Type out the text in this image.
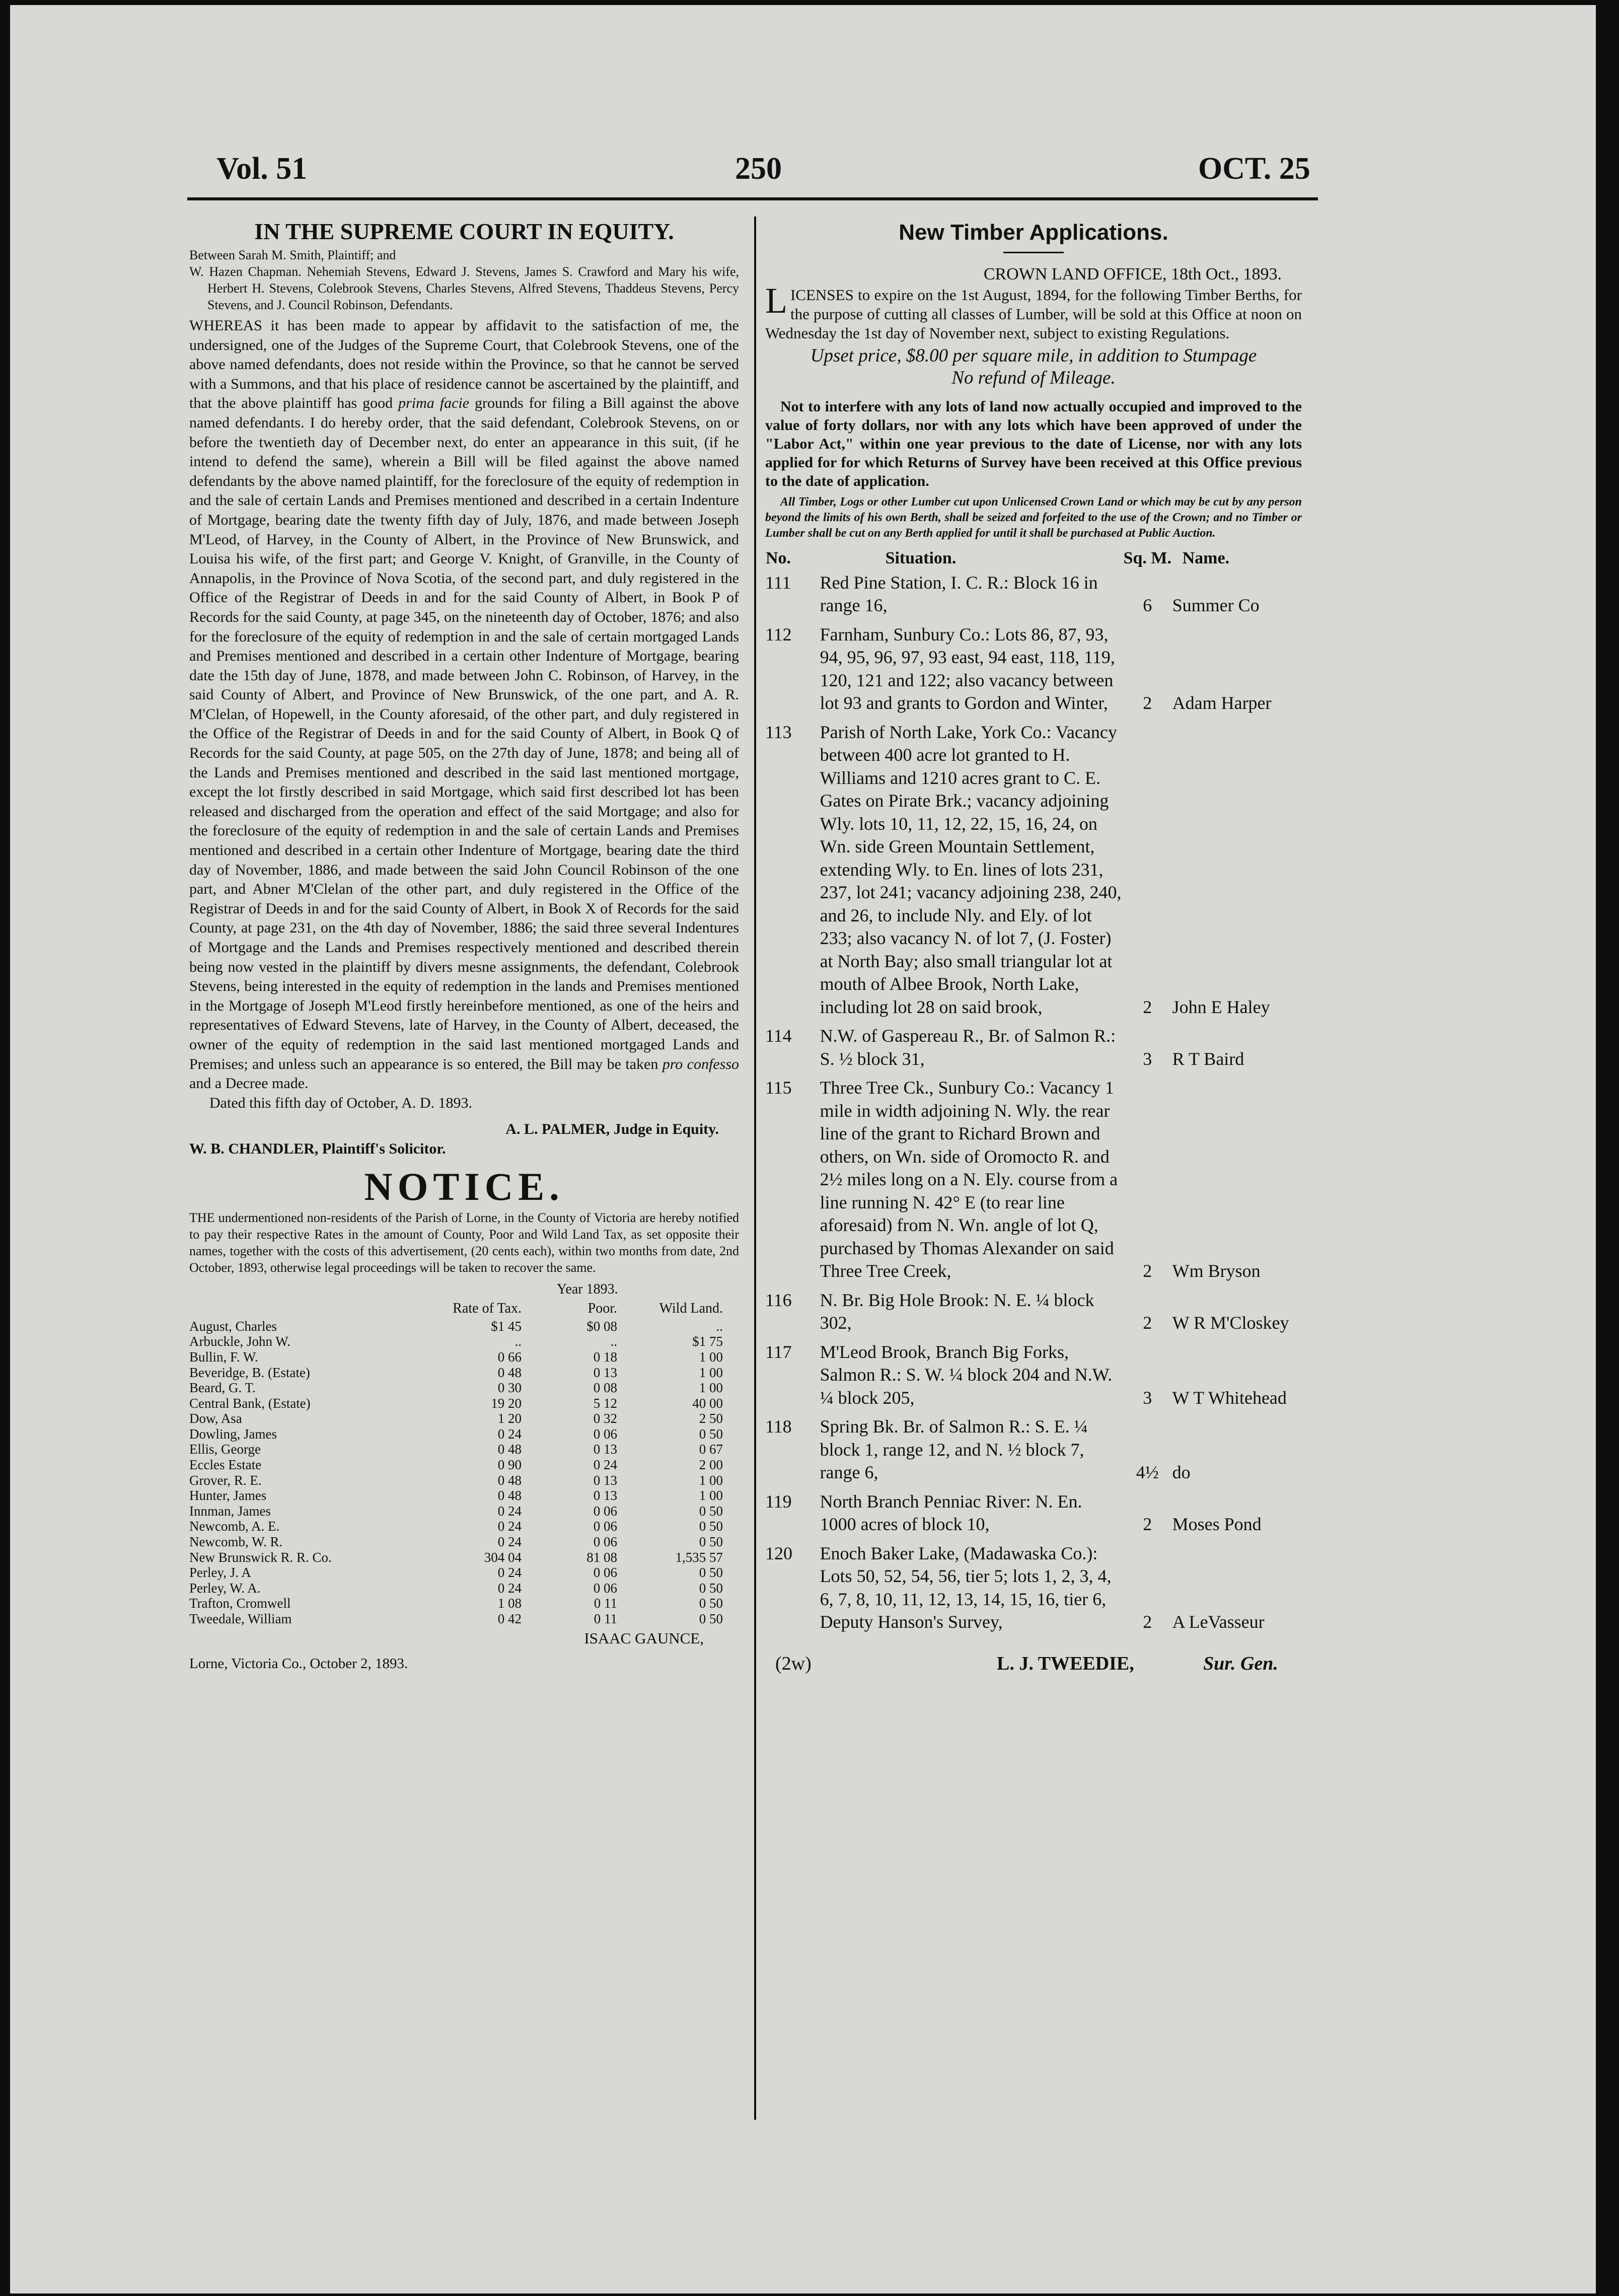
Vol. 51	250	OCT. 25
IN THE SUPREME COURT IN EQUITY.

Between Sarah M. Smith, Plaintiff; and

W. Hazen Chapman. Nehemiah Stevens, Edward J. Stevens, James S. Crawford and Mary his wife, Herbert H. Stevens, Colebrook Stevens, Charles Stevens, Alfred Stevens, Thaddeus Stevens, Percy Stevens, and J. Council Robinson, Defendants.

WHEREAS it has been made to appear by affidavit to the satisfaction of me, the undersigned, one of the Judges of the Supreme Court, that Colebrook Stevens, one of the above named defendants, does not reside within the Province, so that he cannot be served with a Summons, and that his place of residence cannot be ascertained by the plaintiff, and that the above plaintiff has good prima facie grounds for filing a Bill against the above named defendants. I do hereby order, that the said defendant, Colebrook Stevens, on or before the twentieth day of December next, do enter an appearance in this suit, (if he intend to defend the same), wherein a Bill will be filed against the above named defendants by the above named plaintiff, for the foreclosure of the equity of redemption in and the sale of certain Lands and Premises mentioned and described in a certain Indenture of Mortgage, bearing date the twenty fifth day of July, 1876, and made between Joseph M'Leod, of Harvey, in the County of Albert, in the Province of New Brunswick, and Louisa his wife, of the first part; and George V. Knight, of Granville, in the County of Annapolis, in the Province of Nova Scotia, of the second part, and duly registered in the Office of the Registrar of Deeds in and for the said County of Albert, in Book P of Records for the said County, at page 345, on the nineteenth day of October, 1876; and also for the foreclosure of the equity of redemption in and the sale of certain mortgaged Lands and Premises mentioned and described in a certain other Indenture of Mortgage, bearing date the 15th day of June, 1878, and made between John C. Robinson, of Harvey, in the said County of Albert, and Province of New Brunswick, of the one part, and A. R. M'Clelan, of Hopewell, in the County aforesaid, of the other part, and duly registered in the Office of the Registrar of Deeds in and for the said County of Albert, in Book Q of Records for the said County, at page 505, on the 27th day of June, 1878; and being all of the Lands and Premises mentioned and described in the said last mentioned mortgage, except the lot firstly described in said Mortgage, which said first described lot has been released and discharged from the operation and effect of the said Mortgage; and also for the foreclosure of the equity of redemption in and the sale of certain Lands and Premises mentioned and described in a certain other Indenture of Mortgage, bearing date the third day of November, 1886, and made between the said John Council Robinson of the one part, and Abner M'Clelan of the other part, and duly registered in the Office of the Registrar of Deeds in and for the said County of Albert, in Book X of Records for the said County, at page 231, on the 4th day of November, 1886; the said three several Indentures of Mortgage and the Lands and Premises respectively mentioned and described therein being now vested in the plaintiff by divers mesne assignments, the defendant, Colebrook Stevens, being interested in the equity of redemption in the lands and Premises mentioned in the Mortgage of Joseph M'Leod firstly hereinbefore mentioned, as one of the heirs and representatives of Edward Stevens, late of Harvey, in the County of Albert, deceased, the owner of the equity of redemption in the said last mentioned mortgaged Lands and Premises; and unless such an appearance is so entered, the Bill may be taken pro confesso and a Decree made.

Dated this fifth day of October, A. D. 1893.

A. L. PALMER, Judge in Equity.

W. B. CHANDLER, Plaintiff's Solicitor.

NOTICE.

THE undermentioned non-residents of the Parish of Lorne, in the County of Victoria are hereby notified to pay their respective Rates in the amount of County, Poor and Wild Land Tax, as set opposite their names, together with the costs of this advertisement, (20 cents each), within two months from date, 2nd October, 1893, otherwise legal proceedings will be taken to recover the same.

		Year 1893.	
	Rate of Tax.	Poor.	Wild Land.
August, Charles	$1 45	$0 08	..
Arbuckle, John W.	..	..	$1 75
Bullin, F. W.	0 66	0 18	1 00
Beveridge, B. (Estate)	0 48	0 13	1 00
Beard, G. T.	0 30	0 08	1 00
Central Bank, (Estate)	19 20	5 12	40 00
Dow, Asa	1 20	0 32	2 50
Dowling, James	0 24	0 06	0 50
Ellis, George	0 48	0 13	0 67
Eccles Estate	0 90	0 24	2 00
Grover, R. E.	0 48	0 13	1 00
Hunter, James	0 48	0 13	1 00
Innman, James	0 24	0 06	0 50
Newcomb, A. E.	0 24	0 06	0 50
Newcomb, W. R.	0 24	0 06	0 50
New Brunswick R. R. Co.	304 04	81 08	1,535 57
Perley, J. A	0 24	0 06	0 50
Perley, W. A.	0 24	0 06	0 50
Trafton, Cromwell	1 08	0 11	0 50
Tweedale, William	0 42	0 11	0 50

ISAAC GAUNCE,

Lorne, Victoria Co., October 2, 1893.

New Timber Applications.

CROWN LAND OFFICE, 18th Oct., 1893.

LICENSES to expire on the 1st August, 1894, for the following Timber Berths, for the purpose of cutting all classes of Lumber, will be sold at this Office at noon on Wednesday the 1st day of November next, subject to existing Regulations.

Upset price, $8.00 per square mile, in addition to Stumpage

No refund of Mileage.

Not to interfere with any lots of land now actually occupied and improved to the value of forty dollars, nor with any lots which have been approved of under the "Labor Act," within one year previous to the date of License, nor with any lots applied for for which Returns of Survey have been received at this Office previous to the date of application.

All Timber, Logs or other Lumber cut upon Unlicensed Crown Land or which may be cut by any person beyond the limits of his own Berth, shall be seized and forfeited to the use of the Crown; and no Timber or Lumber shall be cut on any Berth applied for until it shall be purchased at Public Auction.

No.	Situation.	Sq. M.	Name.
111	Red Pine Station, I. C. R.: Block 16 in range 16,	6	Summer Co
112	Farnham, Sunbury Co.: Lots 86, 87, 93, 94, 95, 96, 97, 93 east, 94 east, 118, 119, 120, 121 and 122; also vacancy between lot 93 and grants to Gordon and Winter,	2	Adam Harper
113	Parish of North Lake, York Co.: Vacancy between 400 acre lot granted to H. Williams and 1210 acres grant to C. E. Gates on Pirate Brk.; vacancy adjoining Wly. lots 10, 11, 12, 22, 15, 16, 24, on Wn. side Green Mountain Settlement, extending Wly. to En. lines of lots 231, 237, lot 241; vacancy adjoining 238, 240, and 26, to include Nly. and Ely. of lot 233; also vacancy N. of lot 7, (J. Foster) at North Bay; also small triangular lot at mouth of Albee Brook, North Lake, including lot 28 on said brook,	2	John E Haley
114	N.W. of Gaspereau R., Br. of Salmon R.: S. ½ block 31,	3	R T Baird
115	Three Tree Ck., Sunbury Co.: Vacancy 1 mile in width adjoining N. Wly. the rear line of the grant to Richard Brown and others, on Wn. side of Oromocto R. and 2½ miles long on a N. Ely. course from a line running N. 42° E (to rear line aforesaid) from N. Wn. angle of lot Q, purchased by Thomas Alexander on said Three Tree Creek,	2	Wm Bryson
116	N. Br. Big Hole Brook: N. E. ¼ block 302,	2	W R M'Closkey
117	M'Leod Brook, Branch Big Forks, Salmon R.: S. W. ¼ block 204 and N.W. ¼ block 205,	3	W T Whitehead
118	Spring Bk. Br. of Salmon R.: S. E. ¼ block 1, range 12, and N. ½ block 7, range 6,	4½	do
119	North Branch Penniac River: N. En. 1000 acres of block 10,	2	Moses Pond
120	Enoch Baker Lake, (Madawaska Co.): Lots 50, 52, 54, 56, tier 5; lots 1, 2, 3, 4, 6, 7, 8, 10, 11, 12, 13, 14, 15, 16, tier 6, Deputy Hanson's Survey,	2	A LeVasseur
(2w)	L. J. TWEEDIE,	Sur. Gen.
